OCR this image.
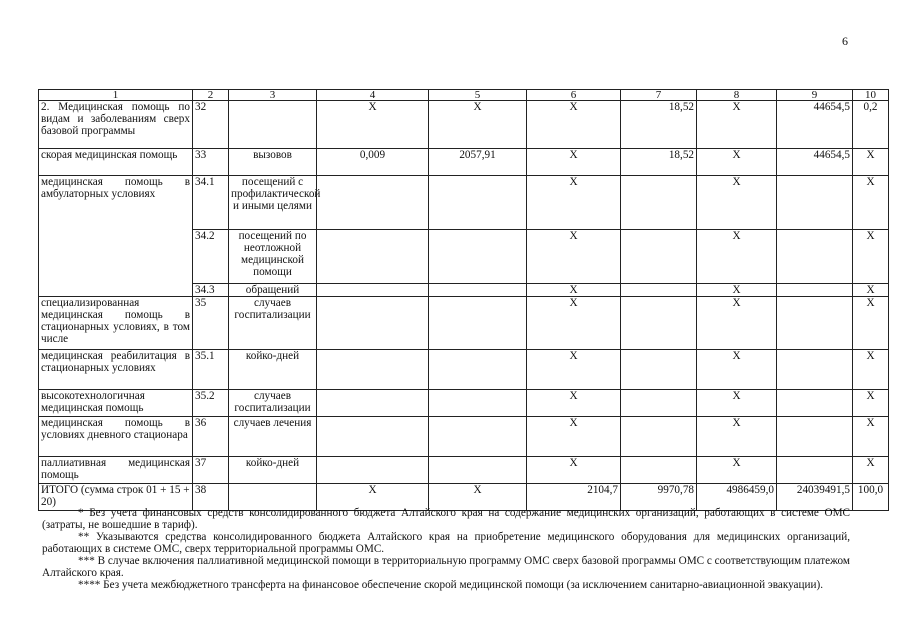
6
1	2	3	4	5	6	7	8	9	10
2. Медицинская помощь по видам и заболеваниям сверх базовой программы	32		Х	Х	Х	18,52	Х	44654,5	0,2
скорая медицинская помощь	33	вызовов	0,009	2057,91	Х	18,52	Х	44654,5	Х
медицинская помощь в амбулаторных условиях	34.1	посещений с профилактической и иными целями			Х		Х		Х
	34.2	посещений по неотложной медицинской помощи			Х		Х		Х
	34.3	обращений			Х		Х		Х
специализированная медицинская помощь в стационарных условиях, в том числе	35	случаев госпитализации			Х		Х		Х
медицинская реабилитация в стационарных условиях	35.1	койко-дней			Х		Х		Х
высокотехнологичная медицинская помощь	35.2	случаев госпитализации			Х		Х		Х
медицинская помощь в условиях дневного стационара	36	случаев лечения			Х		Х		Х
паллиативная медицинская помощь	37	койко-дней			Х		Х		Х
ИТОГО (сумма строк 01 + 15 + 20)	38		Х	Х	2104,7	9970,78	4986459,0	24039491,5	100,0

* Без учета финансовых средств консолидированного бюджета Алтайского края на содержание медицинских организаций, работающих в системе ОМС (затраты, не вошедшие в тариф).

** Указываются средства консолидированного бюджета Алтайского края на приобретение медицинского оборудования для медицинских организаций, работающих в системе ОМС, сверх территориальной программы ОМС.

*** В случае включения паллиативной медицинской помощи в территориальную программу ОМС сверх базовой программы ОМС с соответствующим платежом Алтайского края.

**** Без учета межбюджетного трансферта на финансовое обеспечение скорой медицинской помощи (за исключением санитарно-авиационной эвакуации).
